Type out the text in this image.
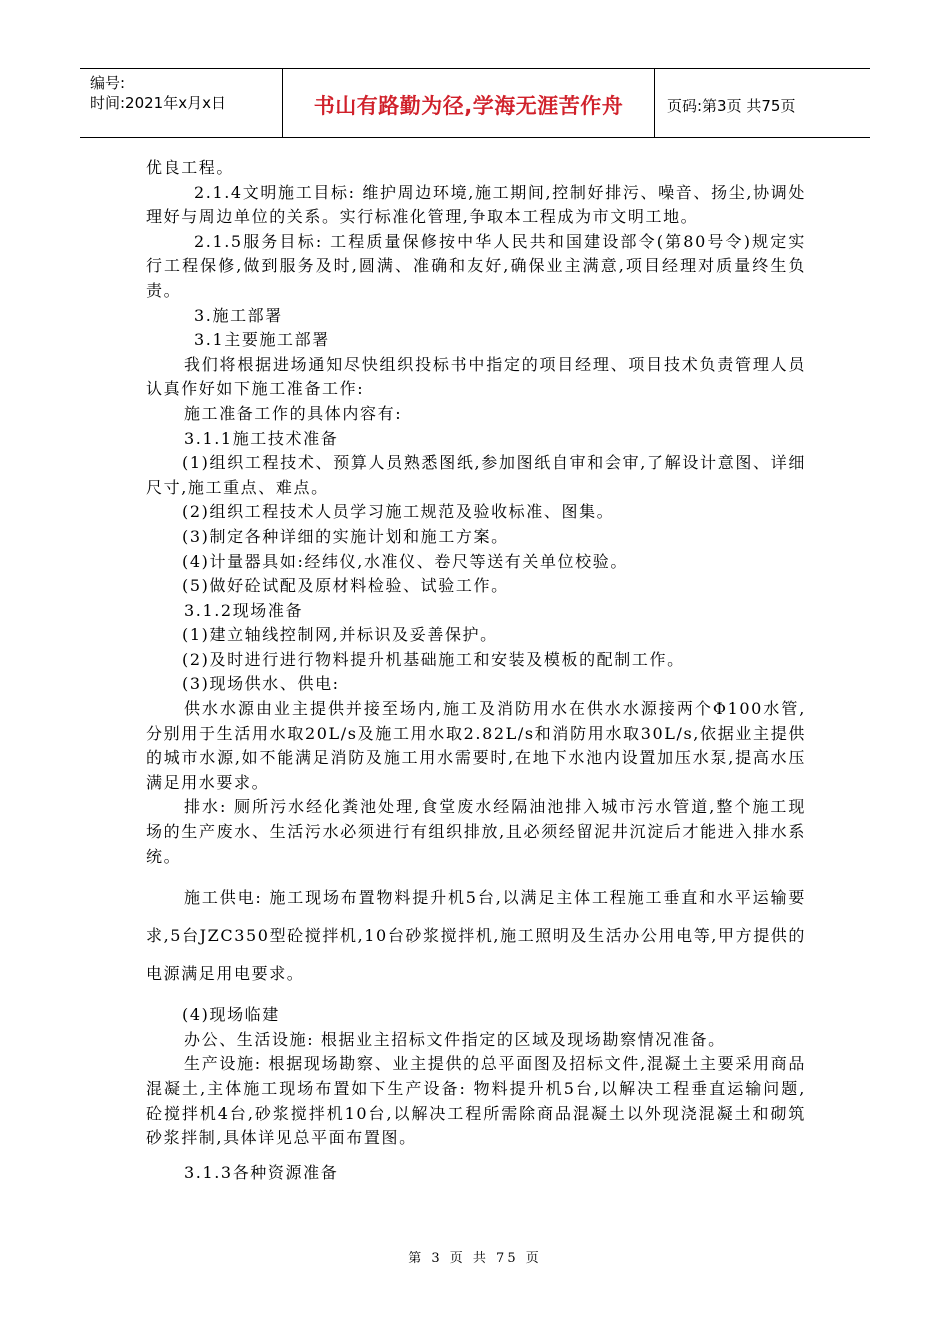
编号:
时间:2021年x月x日	书山有路勤为径,学海无涯苦作舟	页码:第3页 共75页

优良工程。

2.1.4文明施工目标: 维护周边环境,施工期间,控制好排污、噪音、扬尘,协调处理好与周边单位的关系。实行标准化管理,争取本工程成为市文明工地。

2.1.5服务目标: 工程质量保修按中华人民共和国建设部令(第80号令)规定实行工程保修,做到服务及时,圆满、准确和友好,确保业主满意,项目经理对质量终生负责。

3.施工部署

3.1主要施工部署

我们将根据进场通知尽快组织投标书中指定的项目经理、项目技术负责管理人员认真作好如下施工准备工作:

施工准备工作的具体内容有:

3.1.1施工技术准备

(1)组织工程技术、预算人员熟悉图纸,参加图纸自审和会审,了解设计意图、详细尺寸,施工重点、难点。

(2)组织工程技术人员学习施工规范及验收标准、图集。

(3)制定各种详细的实施计划和施工方案。

(4)计量器具如:经纬仪,水准仪、卷尺等送有关单位校验。

(5)做好砼试配及原材料检验、试验工作。

3.1.2现场准备

(1)建立轴线控制网,并标识及妥善保护。

(2)及时进行进行物料提升机基础施工和安装及模板的配制工作。

(3)现场供水、供电:

供水水源由业主提供并接至场内,施工及消防用水在供水水源接两个Φ100水管,分别用于生活用水取20L/s及施工用水取2.82L/s和消防用水取30L/s,依据业主提供的城市水源,如不能满足消防及施工用水需要时,在地下水池内设置加压水泵,提高水压满足用水要求。

排水: 厕所污水经化粪池处理,食堂废水经隔油池排入城市污水管道,整个施工现场的生产废水、生活污水必须进行有组织排放,且必须经留泥井沉淀后才能进入排水系统。

施工供电: 施工现场布置物料提升机5台,以满足主体工程施工垂直和水平运输要求,5台JZC350型砼搅拌机,10台砂浆搅拌机,施工照明及生活办公用电等,甲方提供的电源满足用电要求。

(4)现场临建

办公、生活设施: 根据业主招标文件指定的区域及现场勘察情况准备。

生产设施: 根据现场勘察、业主提供的总平面图及招标文件,混凝土主要采用商品混凝土,主体施工现场布置如下生产设备: 物料提升机5台,以解决工程垂直运输问题,砼搅拌机4台,砂浆搅拌机10台,以解决工程所需除商品混凝土以外现浇混凝土和砌筑砂浆拌制,具体详见总平面布置图。

3.1.3各种资源准备

第 3 页 共 75 页
